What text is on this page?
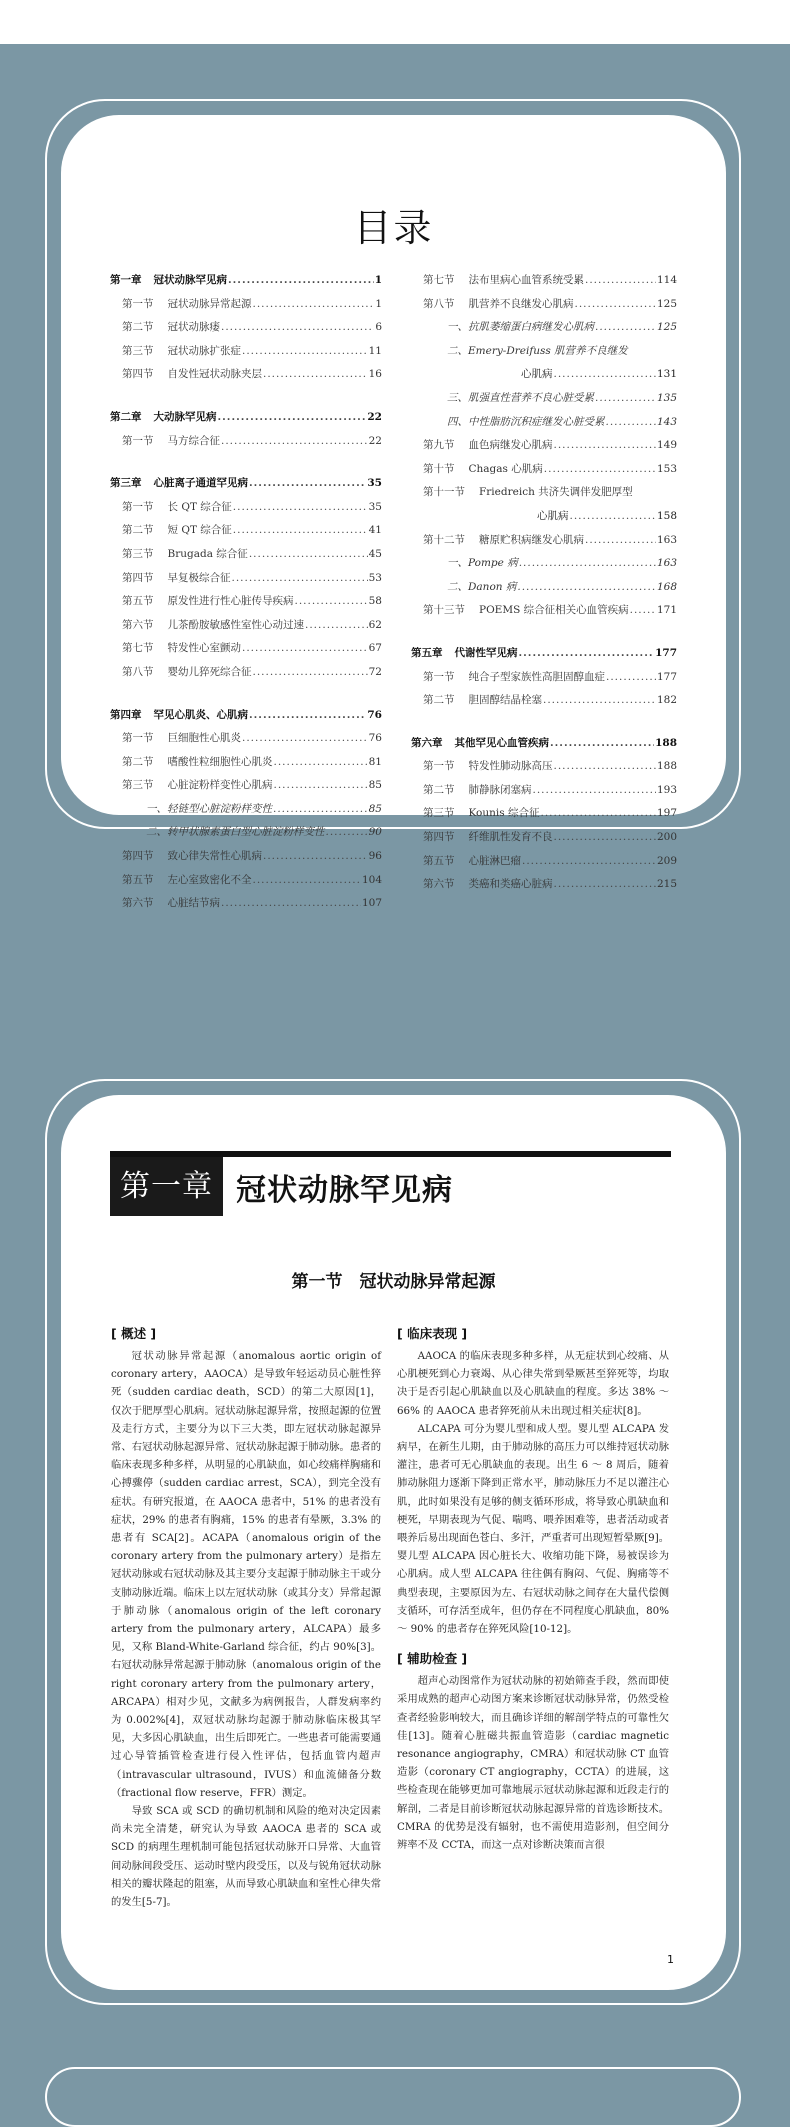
目录
第一章	冠状动脉罕见病 .....	1
第一节	冠状动脉异常起源 .....	1
第二节	冠状动脉瘘 .....	6
第三节	冠状动脉扩张症 .....	11
第四节	自发性冠状动脉夹层 .....	16
第二章	大动脉罕见病 .....	22
第一节	马方综合征 .....	22
第三章	心脏离子通道罕见病 .....	35
第一节	长 QT 综合征 .....	35
第二节	短 QT 综合征 .....	41
第三节	Brugada 综合征 .....	45
第四节	早复极综合征 .....	53
第五节	原发性进行性心脏传导疾病 .....	58
第六节	儿茶酚胺敏感性室性心动过速 .....	62
第七节	特发性心室颤动 .....	67
第八节	婴幼儿猝死综合征 .....	72
第四章	罕见心肌炎、心肌病 .....	76
第一节	巨细胞性心肌炎 .....	76
第二节	嗜酸性粒细胞性心肌炎 .....	81
第三节	心脏淀粉样变性心肌病 .....	85
一、 轻链型心脏淀粉样变性 .....	85
二、 转甲状腺素蛋白型心脏淀粉样变性 .....	90
第四节	致心律失常性心肌病 .....	96
第五节	左心室致密化不全 .....	104
第六节	心脏结节病 .....	107
第七节	法布里病心血管系统受累 .....	114
第八节	肌营养不良继发心肌病 .....	125
一、 抗肌萎缩蛋白病继发心肌病 .....	125
二、 Emery-Dreifuss 肌营养不良继发
心肌病 .....	131
三、 肌强直性营养不良心脏受累 .....	135
四、 中性脂肪沉积症继发心脏受累 .....	143
第九节	血色病继发心肌病 .....	149
第十节	Chagas 心肌病 .....	153
第十一节	Friedreich 共济失调伴发肥厚型
心肌病 .....	158
第十二节	糖原贮积病继发心肌病 .....	163
一、 Pompe 病 .....	163
二、 Danon 病 .....	168
第十三节	POEMS 综合征相关心血管疾病 .....	171
第五章	代谢性罕见病 .....	177
第一节	纯合子型家族性高胆固醇血症 .....	177
第二节	胆固醇结晶栓塞 .....	182
第六章	其他罕见心血管疾病 .....	188
第一节	特发性肺动脉高压 .....	188
第二节	肺静脉闭塞病 .....	193
第三节	Kounis 综合征 .....	197
第四节	纤维肌性发育不良 .....	200
第五节	心脏淋巴瘤 .....	209
第六节	类癌和类癌心脏病 .....	215
第一章 冠状动脉罕见病
第一节　冠状动脉异常起源
[ 概述 ]

冠状动脉异常起源（anomalous aortic origin of coronary artery，AAOCA）是导致年轻运动员心脏性猝死（sudden cardiac death，SCD）的第二大原因[1]，仅次于肥厚型心肌病。冠状动脉起源异常，按照起源的位置及走行方式，主要分为以下三大类，即左冠状动脉起源异常、右冠状动脉起源异常、冠状动脉起源于肺动脉。患者的临床表现多种多样，从明显的心肌缺血，如心绞痛样胸痛和心搏骤停（sudden cardiac arrest，SCA），到完全没有症状。有研究报道，在 AAOCA 患者中，51% 的患者没有症状，29% 的患者有胸痛，15% 的患者有晕厥，3.3% 的患者有 SCA[2]。ACAPA（anomalous origin of the coronary artery from the pulmonary artery）是指左冠状动脉或右冠状动脉及其主要分支起源于肺动脉主干或分支肺动脉近端。临床上以左冠状动脉（或其分支）异常起源于肺动脉（anomalous origin of the left coronary artery from the pulmonary artery，ALCAPA）最多见，又称 Bland-White-Garland 综合征，约占 90%[3]。右冠状动脉异常起源于肺动脉（anomalous origin of the right coronary artery from the pulmonary artery，ARCAPA）相对少见，文献多为病例报告，人群发病率约为 0.002%[4]，双冠状动脉均起源于肺动脉临床极其罕见，大多因心肌缺血，出生后即死亡。一些患者可能需要通过心导管插管检查进行侵入性评估，包括血管内超声（intravascular ultrasound，IVUS）和血流储备分数（fractional flow reserve，FFR）测定。

导致 SCA 或 SCD 的确切机制和风险的绝对决定因素尚未完全清楚，研究认为导致 AAOCA 患者的 SCA 或 SCD 的病理生理机制可能包括冠状动脉开口异常、大血管间动脉间段受压、运动时壁内段受压，以及与锐角冠状动脉相关的瓣状隆起的阻塞，从而导致心肌缺血和室性心律失常的发生[5-7]。

[ 临床表现 ]

AAOCA 的临床表现多种多样，从无症状到心绞痛、从心肌梗死到心力衰竭、从心律失常到晕厥甚至猝死等，均取决于是否引起心肌缺血以及心肌缺血的程度。多达 38% ～ 66% 的 AAOCA 患者猝死前从未出现过相关症状[8]。

ALCAPA 可分为婴儿型和成人型。婴儿型 ALCAPA 发病早，在新生儿期，由于肺动脉的高压力可以维持冠状动脉灌注，患者可无心肌缺血的表现。出生 6 ～ 8 周后，随着肺动脉阻力逐渐下降到正常水平，肺动脉压力不足以灌注心肌，此时如果没有足够的侧支循环形成，将导致心肌缺血和梗死，早期表现为气促、喘鸣、喂养困难等，患者活动或者喂养后易出现面色苍白、多汗，严重者可出现短暂晕厥[9]。婴儿型 ALCAPA 因心脏长大、收缩功能下降，易被误诊为心肌病。成人型 ALCAPA 往往偶有胸闷、气促、胸痛等不典型表现，主要原因为左、右冠状动脉之间存在大量代偿侧支循环，可存活至成年，但仍存在不同程度心肌缺血，80% ～ 90% 的患者存在猝死风险[10-12]。

[ 辅助检查 ]

超声心动图常作为冠状动脉的初始筛查手段，然而即使采用成熟的超声心动图方案来诊断冠状动脉异常，仍然受检查者经验影响较大，而且确诊详细的解剖学特点的可靠性欠佳[13]。随着心脏磁共振血管造影（cardiac magnetic resonance angiography，CMRA）和冠状动脉 CT 血管造影（coronary CT angiography，CCTA）的进展，这些检查现在能够更加可靠地展示冠状动脉起源和近段走行的解剖，二者是目前诊断冠状动脉起源异常的首选诊断技术。CMRA 的优势是没有辐射，也不需使用造影剂，但空间分辨率不及 CCTA，而这一点对诊断决策而言很

1
